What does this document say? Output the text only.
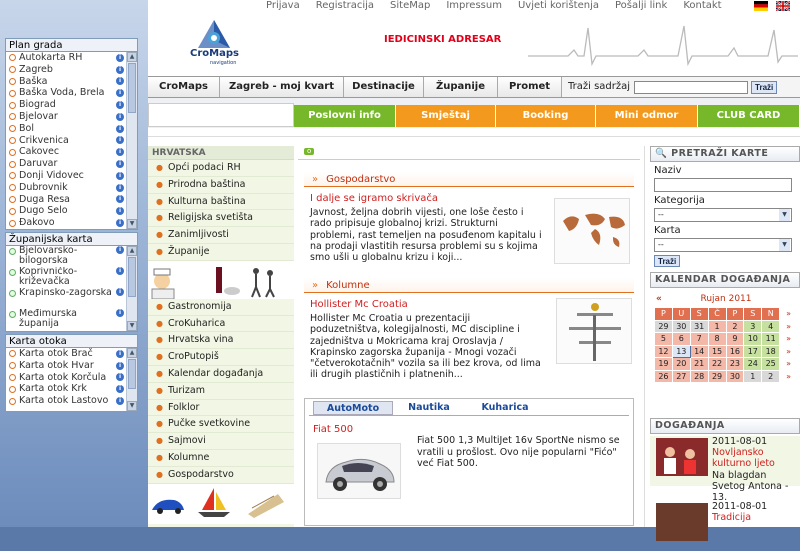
Plan grada
Autokarta RH	i
Zagreb	i
Baška	i
Baška Voda, Brela	i
Biograd	i
Bjelovar	i
Bol	i
Crikvenica	i
Čakovec	i
Daruvar	i
Donji Vidovec	i
Dubrovnik	i
Duga Resa	i
Dugo Selo	i
Đakovo	i
▲
▼
Županijska karta
Bjelovarsko-bilogorska
i
Koprivničko-križevačka
i
Krapinsko-zagorska	i
Međimurska županija
i
▲
▼
Karta otoka
Karta otok Brač	i
Karta otok Hvar	i
Karta otok Korčula	i
Karta otok Krk	i
Karta otok Lastovo	i
▲
▼
Prijava Registracija SiteMap Impressum Uvjeti korištenja Pošalji link Kontakt
CroMaps
navigation
IEDICINSKI ADRESAR
CroMaps	Zagreb - moj kvart	Destinacije	Županije	Promet	Traži sadržaj	Traži
Poslovni info	Smještaj	Booking	Mini odmor	CLUB CARD
HRVATSKA
● Opći podaci RH
● Prirodna baština
● Kulturna baština
● Religijska svetišta
● Zanimljivosti
● Županije
● Gastronomija
● CroKuharica
● Hrvatska vina
● CroPutopiš
● Kalendar događanja
● Turizam
● Folklor
● Pučke svetkovine
● Sajmovi
● Kolumne
● Gospodarstvo
o
» Gospodarstvo
I dalje se igramo skrivača
Javnost, željna dobrih vijesti, one loše često i rado pripisuje globalnoj krizi. Strukturni problemi, rast temeljen na posuđenom kapitalu i na prodaji vlastitih resursa problemi su s kojima smo ušli u globalnu krizu i koji...
» Kolumne
Hollister Mc Croatia
Hollister Mc Croatia u prezentaciji poduzetništva, kolegijalnosti, MC discipline i zajedništva u Mokricama kraj Oroslavja / Krapinsko zagorska županija - Mnogi vozači "četverokotačnih" vozila sa ili bez krova, od lima ili drugih plastičnih i platnenih...
AutoMoto	Nautika	Kuharica
Fiat 500
Fiat 500 1,3 MultiJet 16v SportNe nismo se vratili u prošlost. Ovo nije popularni "Fićo" već Fiat 500.
🔍 PRETRAŽI KARTE
Naziv
Kategorija
-- ▼
Karta
-- ▼
Traži
KALENDAR DOGAĐANJA
«	Rujan 2011
P	U	S	Č	P	S	N	»
29	30	31	1	2	3	4	»
5	6	7	8	9	10	11	»
12	13	14	15	16	17	18	»
19	20	21	22	23	24	25	»
26	27	28	29	30	1	2	»
DOGAĐANJA
2011-08-01
Novljansko kulturno ljeto
Na blagdan Svetog Antona - 13.
2011-08-01
Tradicija
